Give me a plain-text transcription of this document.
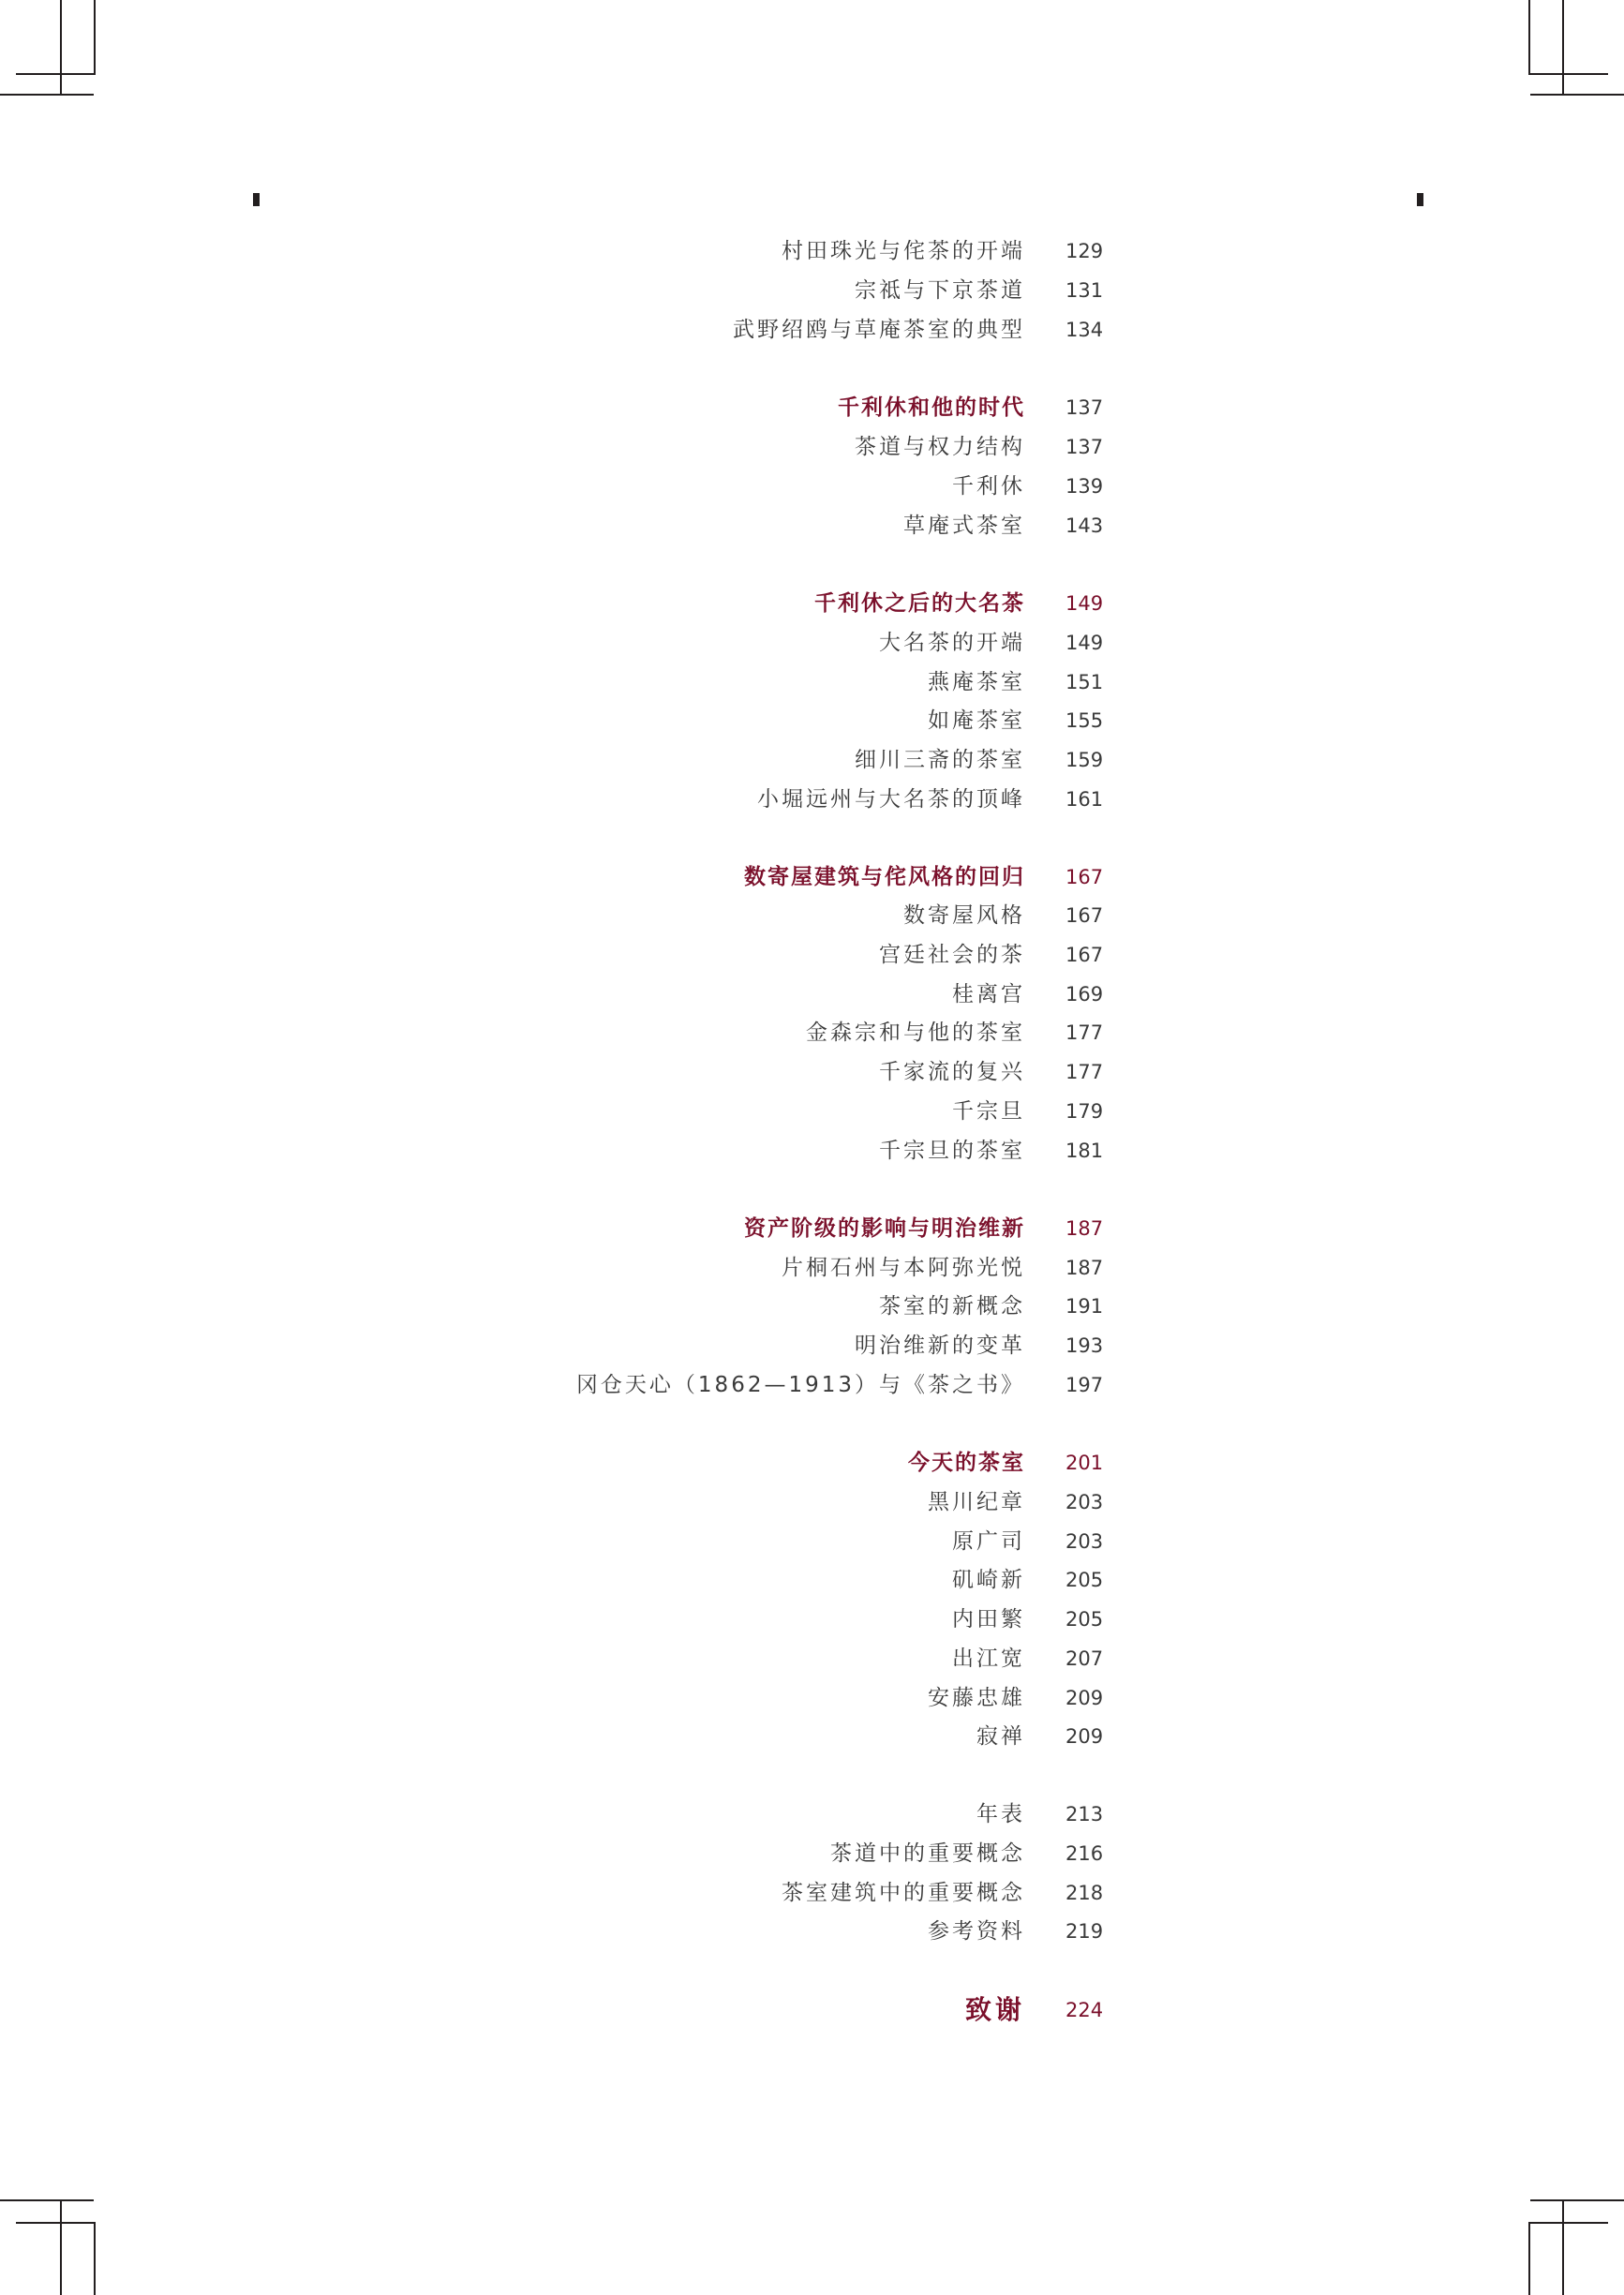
村田珠光与侘茶的开端 129
宗祗与下京茶道 131
武野绍鸥与草庵茶室的典型 134
千利休和他的时代 137
茶道与权力结构 137
千利休 139
草庵式茶室 143
千利休之后的大名茶 149
大名茶的开端 149
燕庵茶室 151
如庵茶室 155
细川三斋的茶室 159
小堀远州与大名茶的顶峰 161
数寄屋建筑与侘风格的回归 167
数寄屋风格 167
宫廷社会的茶 167
桂离宫 169
金森宗和与他的茶室 177
千家流的复兴 177
千宗旦 179
千宗旦的茶室 181
资产阶级的影响与明治维新 187
片桐石州与本阿弥光悦 187
茶室的新概念 191
明治维新的变革 193
冈仓天心（1862—1913）与《茶之书》 197
今天的茶室 201
黑川纪章 203
原广司 203
矶崎新 205
内田繁 205
出江宽 207
安藤忠雄 209
寂禅 209
年表 213
茶道中的重要概念 216
茶室建筑中的重要概念 218
参考资料 219
致谢 224
